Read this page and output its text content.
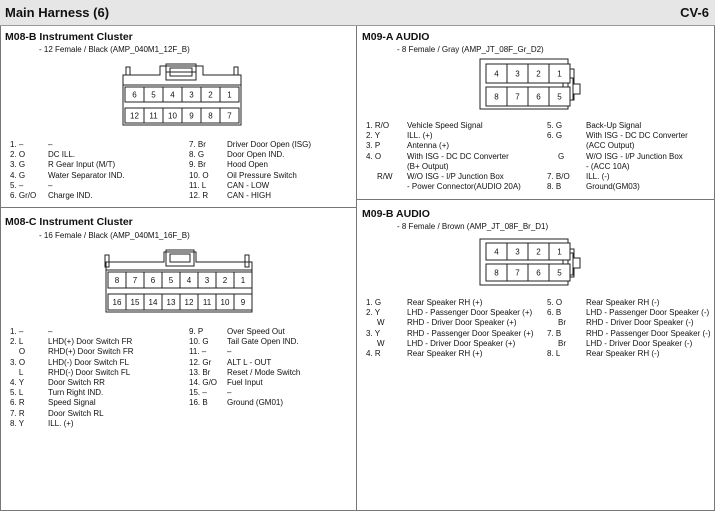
Main Harness (6)	CV-6
M08-B Instrument Cluster
- 12 Female / Black (AMP_040M1_12F_B)
6 5 4 3 2 1
12 11 10 9 8 7
8 7 6 5 4 3 2 1
16 15 14 13 12 11 10 9
4 3 2 1
8 7 6 5
4 3 2 1
8 7 6 5
1. –	–
2. O	DC ILL.
3. G	R Gear Input (M/T)
4. G	Water Separator IND.
5. –	–
6. Gr/O	Charge IND.
7. Br	Driver Door Open (ISG)
8. G	Door Open IND.
9. Br	Hood Open
10. O	Oil Pressure Switch
11. L	CAN - LOW
12. R	CAN - HIGH
M08-C Instrument Cluster
- 16 Female / Black (AMP_040M1_16F_B)
1. –	–
2. L	LHD(+) Door Switch FR
O	RHD(+) Door Switch FR
3. O	LHD(-) Door Switch FL
L	RHD(-) Door Switch FL
4. Y	Door Switch RR
5. L	Turn Right IND.
6. R	Speed Signal
7. R	Door Switch RL
8. Y	ILL. (+)
9. P	Over Speed Out
10. G	Tail Gate Open IND.
11. –	–
12. Gr	ALT L - OUT
13. Br	Reset / Mode Switch
14. G/O	Fuel Input
15. –	–
16. B	Ground (GM01)
M09-A AUDIO
- 8 Female / Gray (AMP_JT_08F_Gr_D2)
1. R/O	Vehicle Speed Signal
2. Y	ILL. (+)
3. P	Antenna (+)
4. O	With ISG - DC DC Converter
(B+ Output)
R/W	W/O ISG - I/P Junction Box
- Power Connector(AUDIO 20A)
5. G	Back-Up Signal
6. G	With ISG - DC DC Converter
(ACC Output)
G	W/O ISG - I/P Junction Box
- (ACC 10A)
7. B/O	ILL. (-)
8. B	Ground(GM03)
M09-B AUDIO
- 8 Female / Brown (AMP_JT_08F_Br_D1)
1. G	Rear Speaker RH (+)
2. Y	LHD - Passenger Door Speaker (+)
W	RHD - Driver Door Speaker (+)
3. Y	RHD - Passenger Door Speaker (+)
W	LHD - Driver Door Speaker (+)
4. R	Rear Speaker RH (+)
5. O	Rear Speaker RH (-)
6. B	LHD - Passenger Door Speaker (-)
Br	RHD - Driver Door Speaker (-)
7. B	RHD - Passenger Door Speaker (-)
Br	LHD - Driver Door Speaker (-)
8. L	Rear Speaker RH (-)
